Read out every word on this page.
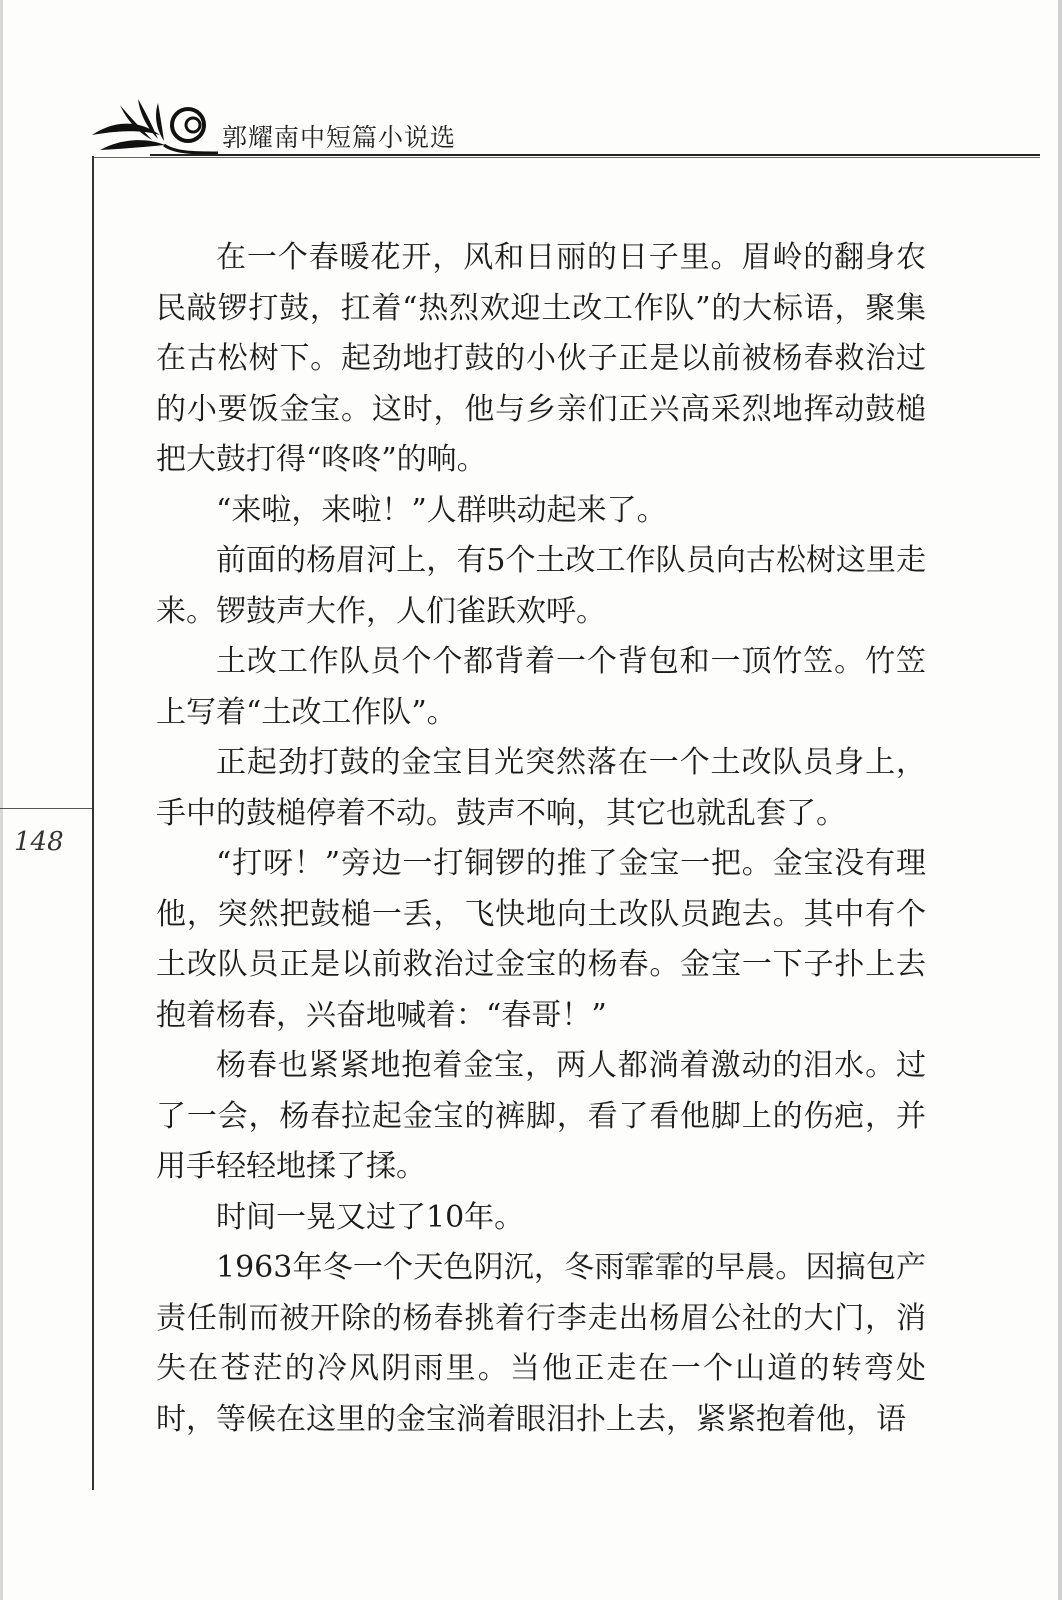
郭耀南中短篇小说选
148

在一个春暖花开，风和日丽的日子里。眉岭的翻身农民敲锣打鼓，扛着“热烈欢迎土改工作队”的大标语，聚集在古松树下。起劲地打鼓的小伙子正是以前被杨春救治过的小要饭金宝。这时，他与乡亲们正兴高采烈地挥动鼓槌把大鼓打得“咚咚”的响。

“来啦，来啦！”人群哄动起来了。

前面的杨眉河上，有5个土改工作队员向古松树这里走来。锣鼓声大作，人们雀跃欢呼。

土改工作队员个个都背着一个背包和一顶竹笠。竹笠上写着“土改工作队”。

正起劲打鼓的金宝目光突然落在一个土改队员身上，手中的鼓槌停着不动。鼓声不响，其它也就乱套了。

“打呀！”旁边一打铜锣的推了金宝一把。金宝没有理他，突然把鼓槌一丢，飞快地向土改队员跑去。其中有个土改队员正是以前救治过金宝的杨春。金宝一下子扑上去抱着杨春，兴奋地喊着：“春哥！”

杨春也紧紧地抱着金宝，两人都淌着激动的泪水。过了一会，杨春拉起金宝的裤脚，看了看他脚上的伤疤，并用手轻轻地揉了揉。

时间一晃又过了10年。

1963年冬一个天色阴沉，冬雨霏霏的早晨。因搞包产责任制而被开除的杨春挑着行李走出杨眉公社的大门，消失在苍茫的冷风阴雨里。当他正走在一个山道的转弯处时，等候在这里的金宝淌着眼泪扑上去，紧紧抱着他，语
